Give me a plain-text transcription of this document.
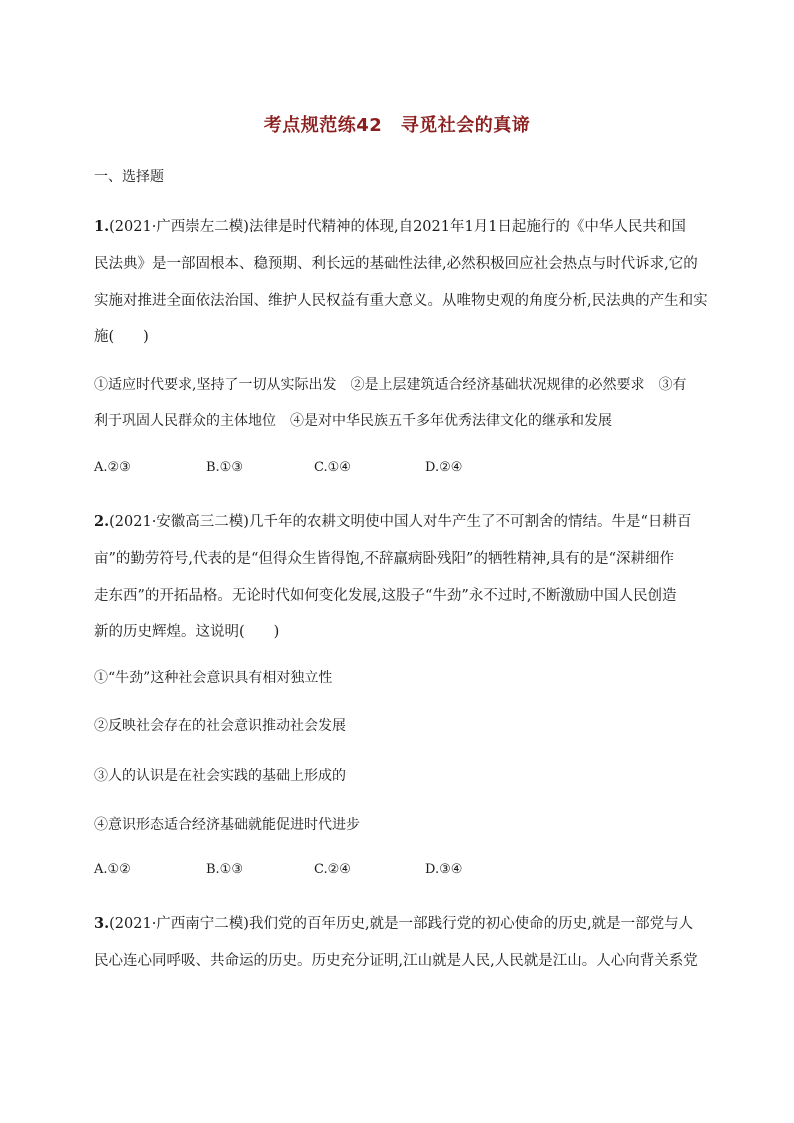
考点规范练42　寻觅社会的真谛

一、选择题

1.(2021·广西崇左二模)法律是时代精神的体现,自2021年1月1日起施行的《中华人民共和国

民法典》是一部固根本、稳预期、利长远的基础性法律,必然积极回应社会热点与时代诉求,它的

实施对推进全面依法治国、维护人民权益有重大意义。从唯物史观的角度分析,民法典的产生和实

施(　　)

①适应时代要求,坚持了一切从实际出发　②是上层建筑适合经济基础状况规律的必然要求　③有

利于巩固人民群众的主体地位　④是对中华民族五千多年优秀法律文化的继承和发展

A.②③	B.①③	C.①④	D.②④

2.(2021·安徽高三二模)几千年的农耕文明使中国人对牛产生了不可割舍的情结。牛是“日耕百

亩”的勤劳符号,代表的是“但得众生皆得饱,不辞羸病卧残阳”的牺牲精神,具有的是“深耕细作

走东西”的开拓品格。无论时代如何变化发展,这股子“牛劲”永不过时,不断激励中国人民创造

新的历史辉煌。这说明(　　)

①“牛劲”这种社会意识具有相对独立性

②反映社会存在的社会意识推动社会发展

③人的认识是在社会实践的基础上形成的

④意识形态适合经济基础就能促进时代进步

A.①②	B.①③	C.②④	D.③④

3.(2021·广西南宁二模)我们党的百年历史,就是一部践行党的初心使命的历史,就是一部党与人

民心连心同呼吸、共命运的历史。历史充分证明,江山就是人民,人民就是江山。人心向背关系党
